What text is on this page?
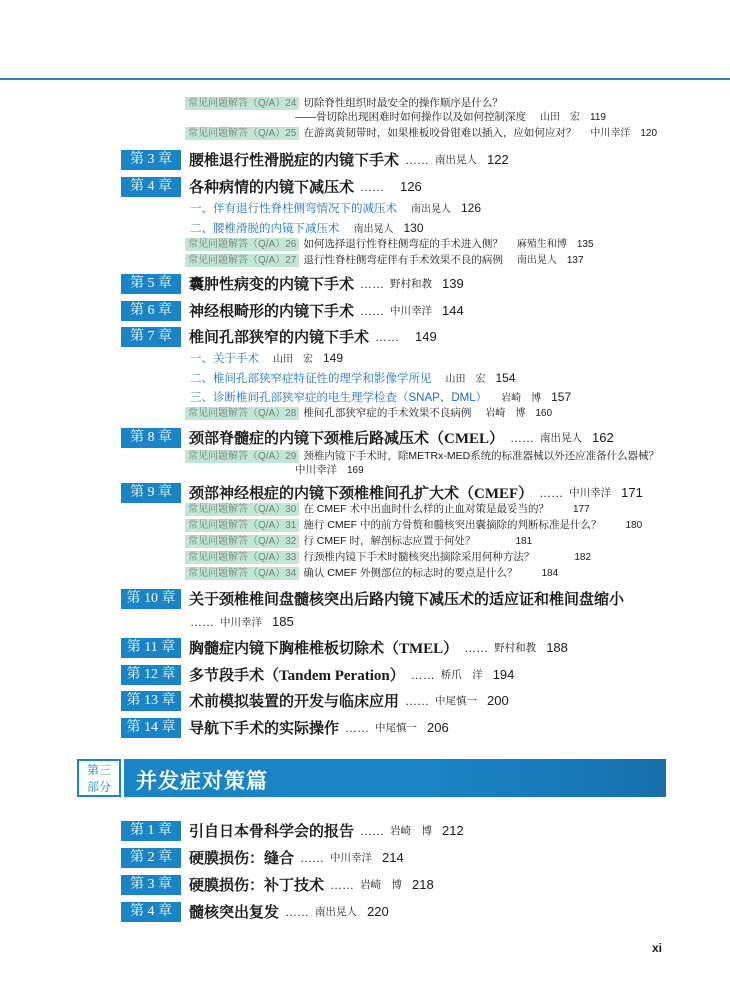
常见问题解答（Q/A）24 切除脊性组织时最安全的操作顺序是什么？
——骨切除出现困难时如何操作以及如何控制深度 山田　宏 119
常见问题解答（Q/A）25 在游离黄韧带时，如果椎板咬骨钳难以插入，应如何应对？ 中川幸洋 120
第 3 章 腰椎退行性滑脱症的内镜下手术 …… 南出晃人 122
第 4 章 各种病情的内镜下减压术 …… 126
一、伴有退行性脊柱侧弯情况下的减压术 南出晃人 126
二、腰椎滑脱的内镜下减压术 南出晃人 130
常见问题解答（Q/A）26 如何选择退行性脊柱侧弯症的手术进入侧？ 麻殖生和博 135
常见问题解答（Q/A）27 退行性脊柱侧弯症伴有手术效果不良的病例 南出晃人 137
第 5 章 囊肿性病变的内镜下手术 …… 野村和教 139
第 6 章 神经根畸形的内镜下手术 …… 中川幸洋 144
第 7 章 椎间孔部狭窄的内镜下手术 …… 149
一、关于手术 山田　宏 149
二、椎间孔部狭窄症特征性的理学和影像学所见 山田　宏 154
三、诊断椎间孔部狭窄症的电生理学检查（SNAP、DML） 岩崎　博 157
常见问题解答（Q/A）28 椎间孔部狭窄症的手术效果不良病例 岩崎　博 160
第 8 章 颈部脊髓症的内镜下颈椎后路减压术（CMEL） …… 南出晃人 162
常见问题解答（Q/A）29 颈椎内镜下手术时，除METRx-MED系统的标准器械以外还应准备什么器械？
中川幸洋 169
第 9 章 颈部神经根症的内镜下颈椎椎间孔扩大术（CMEF） …… 中川幸洋 171
常见问题解答（Q/A）30 在 CMEF 术中出血时什么样的止血对策是最妥当的？ 177
常见问题解答（Q/A）31 施行 CMEF 中的前方骨赘和髓核突出囊摘除的判断标准是什么？ 180
常见问题解答（Q/A）32 行 CMEF 时，解剖标志应置于何处？	181
常见问题解答（Q/A）33 行颈椎内镜下手术时髓核突出摘除采用何种方法？	182
常见问题解答（Q/A）34 确认 CMEF 外侧部位的标志时的要点是什么？ 184
第 10 章 关于颈椎椎间盘髓核突出后路内镜下减压术的适应证和椎间盘缩小
…… 中川幸洋 185
第 11 章 胸髓症内镜下胸椎椎板切除术（TMEL） …… 野村和教 188
第 12 章 多节段手术（Tandem Peration） …… 桥爪　洋 194
第 13 章 术前模拟装置的开发与临床应用 …… 中尾慎一 200
第 14 章 导航下手术的实际操作 …… 中尾慎一 206
第三
部分	并发症对策篇
第 1 章 引自日本骨科学会的报告 …… 岩崎　博 212
第 2 章 硬膜损伤：缝合 …… 中川幸洋 214
第 3 章 硬膜损伤：补丁技术 …… 岩崎　博 218
第 4 章 髓核突出复发 …… 南出晃人 220
xi
